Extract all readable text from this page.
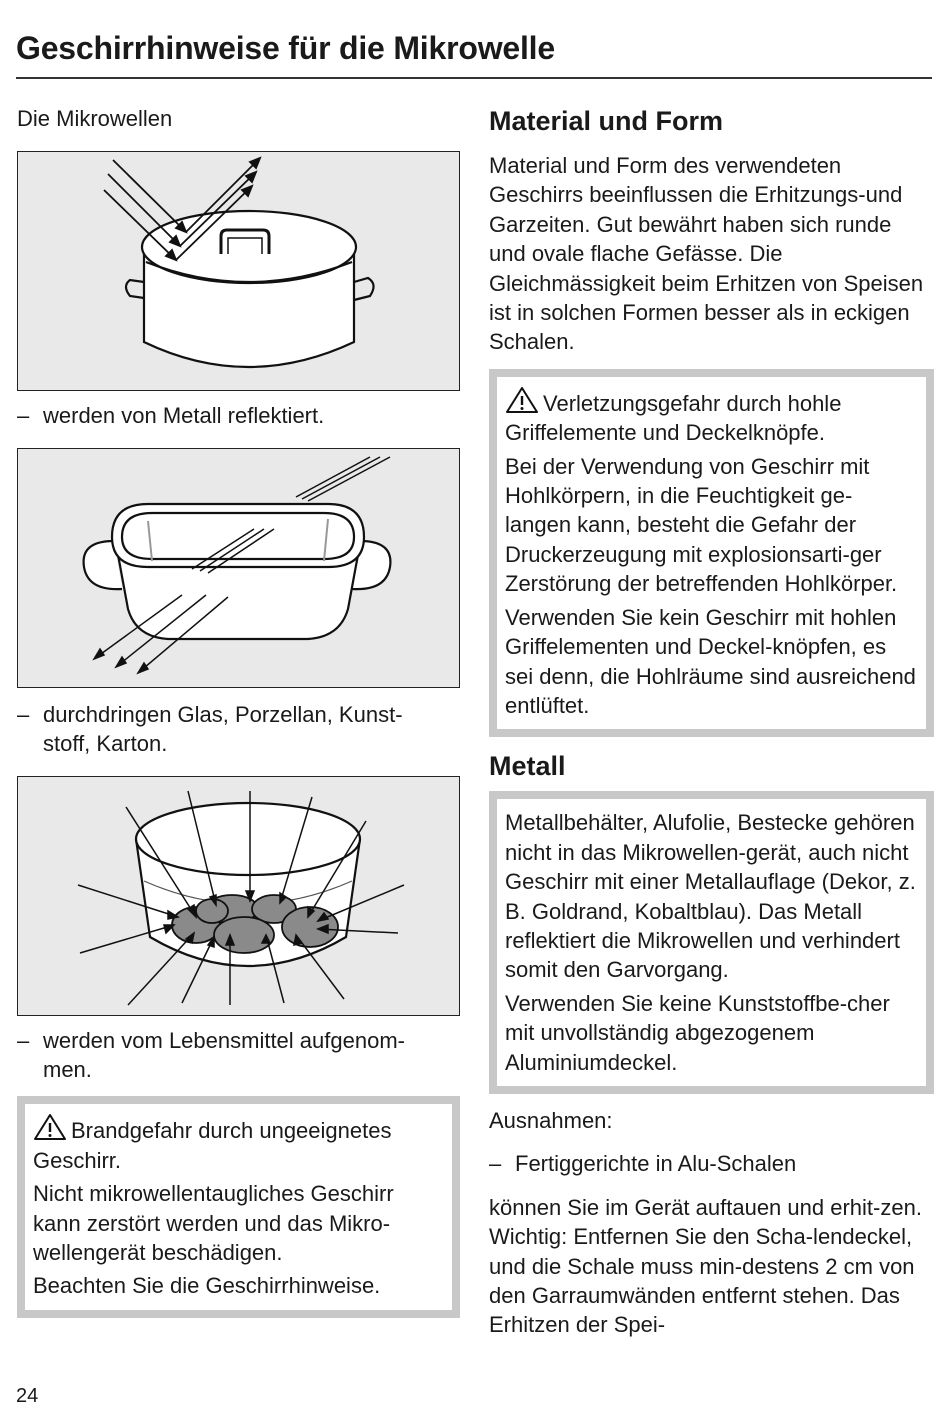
Geschirrhinweise für die Mikrowelle

Die Mikrowellen

– werden von Metall reflektiert.
– durchdringen Glas, Porzellan, Kunst-
stoff, Karton.
– werden vom Lebensmittel aufgenom-
men.

Brandgefahr durch ungeeignetes Geschirr.

Nicht mikrowellentaugliches Geschirr kann zerstört werden und das Mikro-wellengerät beschädigen.

Beachten Sie die Geschirrhinweise.

Material und Form

Material und Form des verwendeten Geschirrs beeinflussen die Erhitzungs-und Garzeiten. Gut bewährt haben sich runde und ovale flache Gefässe. Die Gleichmässigkeit beim Erhitzen von Speisen ist in solchen Formen besser als in eckigen Schalen.

Verletzungsgefahr durch hohle Griffelemente und Deckelknöpfe.

Bei der Verwendung von Geschirr mit Hohlkörpern, in die Feuchtigkeit ge-langen kann, besteht die Gefahr der Druckerzeugung mit explosionsarti-ger Zerstörung der betreffenden Hohlkörper.

Verwenden Sie kein Geschirr mit hohlen Griffelementen und Deckel-knöpfen, es sei denn, die Hohlräume sind ausreichend entlüftet.

Metall

Metallbehälter, Alufolie, Bestecke gehören nicht in das Mikrowellen-gerät, auch nicht Geschirr mit einer Metallauflage (Dekor, z. B. Goldrand, Kobaltblau). Das Metall reflektiert die Mikrowellen und verhindert somit den Garvorgang.

Verwenden Sie keine Kunststoffbe-cher mit unvollständig abgezogenem Aluminiumdeckel.

Ausnahmen:

– Fertiggerichte in Alu-Schalen

können Sie im Gerät auftauen und erhit-zen. Wichtig: Entfernen Sie den Scha-lendeckel, und die Schale muss min-destens 2 cm von den Garraumwänden entfernt stehen. Das Erhitzen der Spei-

24
